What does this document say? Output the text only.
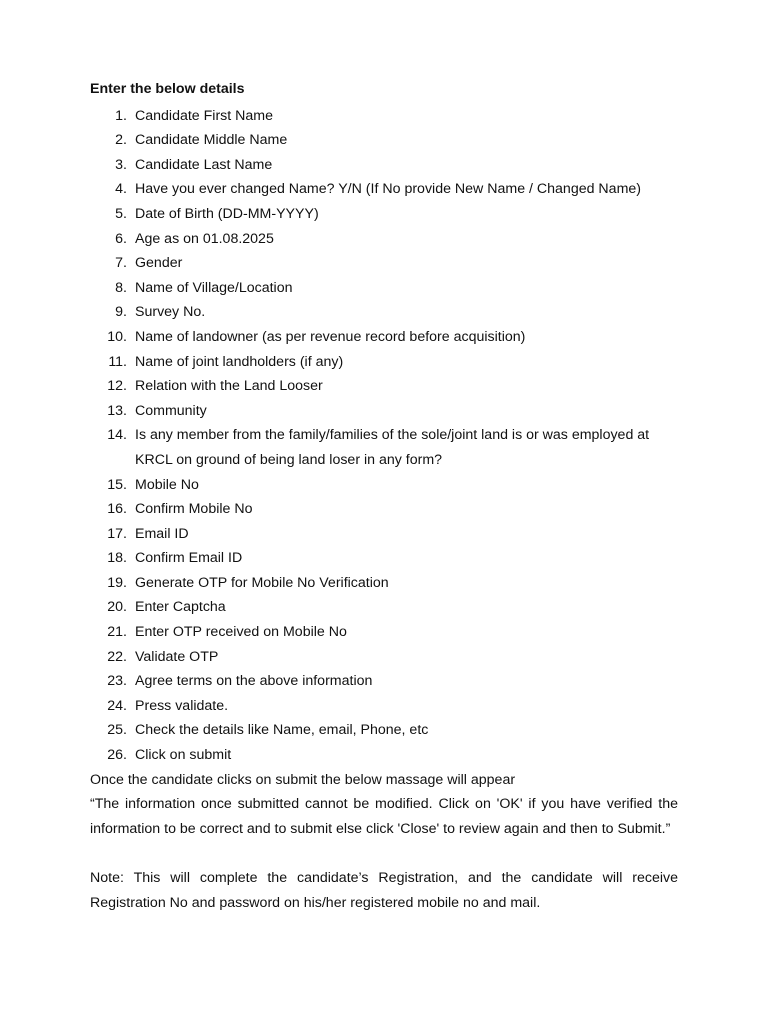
Enter the below details
1. Candidate First Name
2. Candidate Middle Name
3. Candidate Last Name
4. Have you ever changed Name? Y/N (If No provide New Name / Changed Name)
5. Date of Birth (DD-MM-YYYY)
6. Age as on 01.08.2025
7. Gender
8. Name of Village/Location
9. Survey No.
10. Name of landowner (as per revenue record before acquisition)
11. Name of joint landholders (if any)
12. Relation with the Land Looser
13. Community
14. Is any member from the family/families of the sole/joint land is or was employed at KRCL on ground of being land loser in any form?
15. Mobile No
16. Confirm Mobile No
17. Email ID
18. Confirm Email ID
19. Generate OTP for Mobile No Verification
20. Enter Captcha
21. Enter OTP received on Mobile No
22. Validate OTP
23. Agree terms on the above information
24. Press validate.
25. Check the details like Name, email, Phone, etc
26. Click on submit

Once the candidate clicks on submit the below massage will appear

“The information once submitted cannot be modified. Click on 'OK' if you have verified the information to be correct and to submit else click 'Close' to review again and then to Submit.”

Note: This will complete the candidate’s Registration, and the candidate will receive Registration No and password on his/her registered mobile no and mail.
